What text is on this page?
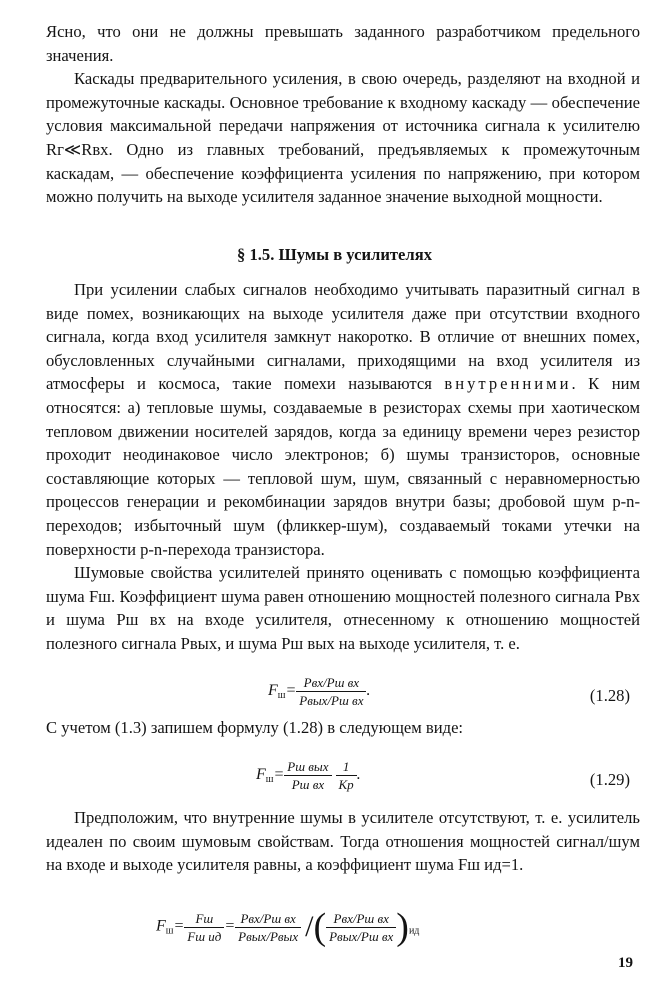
Ясно, что они не должны превышать заданного разработчиком предельного значения.

Каскады предварительного усиления, в свою очередь, разделяют на входной и промежуточные каскады. Основное требование к входному каскаду — обеспечение условия максимальной передачи напряжения от источника сигнала к усилителю Rг≪Rвх. Одно из главных требований, предъявляемых к промежуточным каскадам, — обеспечение коэффициента усиления по напряжению, при котором можно получить на выходе усилителя заданное значение выходной мощности.

§ 1.5. Шумы в усилителях

При усилении слабых сигналов необходимо учитывать паразитный сигнал в виде помех, возникающих на выходе усилителя даже при отсутствии входного сигнала, когда вход усилителя замкнут накоротко. В отличие от внешних помех, обусловленных случайными сигналами, приходящими на вход усилителя из атмосферы и космоса, такие помехи называются внутренними. К ним относятся: а) тепловые шумы, создаваемые в резисторах схемы при хаотическом тепловом движении носителей зарядов, когда за единицу времени через резистор проходит неодинаковое число электронов; б) шумы транзисторов, основные составляющие которых — тепловой шум, шум, связанный с неравномерностью процессов генерации и рекомбинации зарядов внутри базы; дробовой шум p-n-переходов; избыточный шум (фликкер-шум), создаваемый токами утечки на поверхности p-n-перехода транзистора.

Шумовые свойства усилителей принято оценивать с помощью коэффициента шума Fш. Коэффициент шума равен отношению мощностей полезного сигнала Pвх и шума Pш вх на входе усилителя, отнесенному к отношению мощностей полезного сигнала Pвых, и шума Pш вых на выходе усилителя, т. е.

$F_ш= \frac{\text{Pвх/Pш вх}}{\text{Pвых/Pш вх}}$ .	(1.28)

С учетом (1.3) запишем формулу (1.28) в следующем виде:

$F_ш= \frac{\text{Pш вых}}{\text{Pш вх}}$
$\frac{1}{Kр}$ .	(1.29)

Предположим, что внутренние шумы в усилителе отсутствуют, т. е. усилитель идеален по своим шумовым свойствам. Тогда отношения мощностей сигнал/шум на входе и выходе усилителя равны, а коэффициент шума Fш ид=1.

$F_ш= \frac{Fш}{\text{Fш ид}} = \frac{\text{Pвх/Pш вх}}{\text{Pвых/Pвых}}$ /( $\frac{\text{Pвх/Pш вх}}{\text{Pвых/Pш вх}} )_{ид}$
19
